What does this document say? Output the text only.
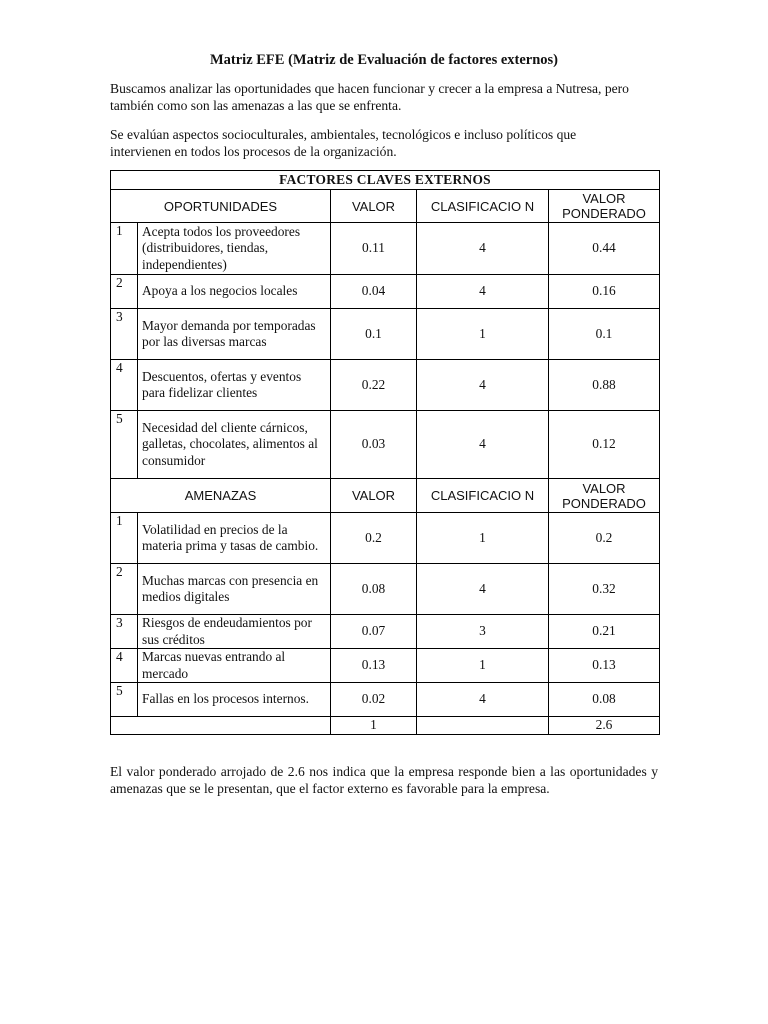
Matriz EFE (Matriz de Evaluación de factores externos)

Buscamos analizar las oportunidades que hacen funcionar y crecer a la empresa a Nutresa, pero también como son las amenazas a las que se enfrenta.

Se evalúan aspectos socioculturales, ambientales, tecnológicos e incluso políticos que intervienen en todos los procesos de la organización.

FACTORES CLAVES EXTERNOS				
OPORTUNIDADES		VALOR	CLASIFICACIO N	VALOR PONDERADO
1	Acepta todos los proveedores (distribuidores, tiendas, independientes)	0.11	4	0.44
2	Apoya a los negocios locales	0.04	4	0.16
3	Mayor demanda por temporadas por las diversas marcas	0.1	1	0.1
4	Descuentos, ofertas y eventos para fidelizar clientes	0.22	4	0.88
5	Necesidad del cliente cárnicos, galletas, chocolates, alimentos al consumidor	0.03	4	0.12
AMENAZAS		VALOR	CLASIFICACIO N	VALOR PONDERADO
1	Volatilidad en precios de la materia prima y tasas de cambio.	0.2	1	0.2
2	Muchas marcas con presencia en medios digitales	0.08	4	0.32
3	Riesgos de endeudamientos por sus créditos	0.07	3	0.21
4	Marcas nuevas entrando al mercado	0.13	1	0.13
5	Fallas en los procesos internos.	0.02	4	0.08
		1		2.6

El valor ponderado arrojado de 2.6 nos indica que la empresa responde bien a las oportunidades y amenazas que se le presentan, que el factor externo es favorable para la empresa.
